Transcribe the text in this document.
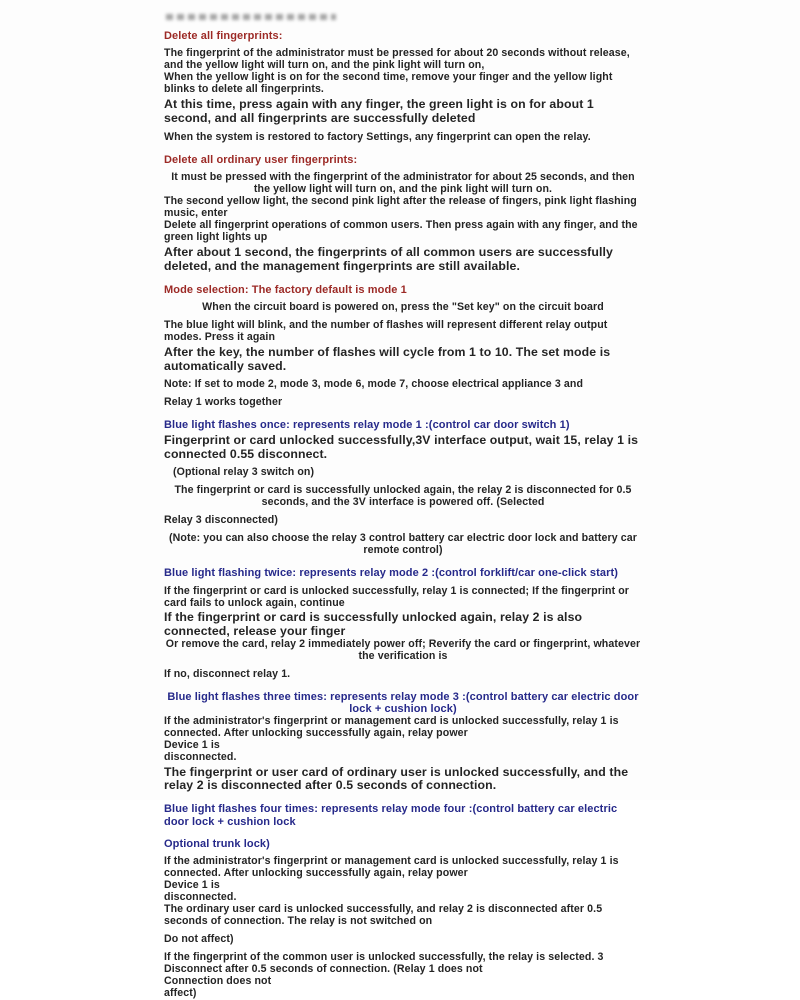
Delete all fingerprints:
The fingerprint of the administrator must be pressed for about 20 seconds without release, and the yellow light will turn on, and the pink light will turn on,
When the yellow light is on for the second time, remove your finger and the yellow light blinks to delete all fingerprints.
At this time, press again with any finger, the green light is on for about 1 second, and all fingerprints are successfully deleted
When the system is restored to factory Settings, any fingerprint can open the relay.
Delete all ordinary user fingerprints:
It must be pressed with the fingerprint of the administrator for about 25 seconds, and then the yellow light will turn on, and the pink light will turn on.
The second yellow light, the second pink light after the release of fingers, pink light flashing music, enter
Delete all fingerprint operations of common users. Then press again with any finger, and the green light lights up
After about 1 second, the fingerprints of all common users are successfully deleted, and the management fingerprints are still available.
Mode selection: The factory default is mode 1
When the circuit board is powered on, press the "Set key" on the circuit board
The blue light will blink, and the number of flashes will represent different relay output modes. Press it again
After the key, the number of flashes will cycle from 1 to 10. The set mode is automatically saved.
Note: If set to mode 2, mode 3, mode 6, mode 7, choose electrical appliance 3 and
Relay 1 works together
Blue light flashes once: represents relay mode 1 :(control car door switch 1)
Fingerprint or card unlocked successfully,3V interface output, wait 15, relay 1 is connected 0.55 disconnect.
(Optional relay 3 switch on)
The fingerprint or card is successfully unlocked again, the relay 2 is disconnected for 0.5 seconds, and the 3V interface is powered off. (Selected
Relay 3 disconnected)
(Note: you can also choose the relay 3 control battery car electric door lock and battery car remote control)
Blue light flashing twice: represents relay mode 2 :(control forklift/car one-click start)
If the fingerprint or card is unlocked successfully, relay 1 is connected; If the fingerprint or card fails to unlock again, continue
If the fingerprint or card is successfully unlocked again, relay 2 is also connected, release your finger
Or remove the card, relay 2 immediately power off; Reverify the card or fingerprint, whatever the verification is
If no, disconnect relay 1.
Blue light flashes three times: represents relay mode 3 :(control battery car electric door lock + cushion lock)
If the administrator's fingerprint or management card is unlocked successfully, relay 1 is connected. After unlocking successfully again, relay power
Device 1 is
disconnected.
The fingerprint or user card of ordinary user is unlocked successfully, and the relay 2 is disconnected after 0.5 seconds of connection.
Blue light flashes four times: represents relay mode four :(control battery car electric door lock + cushion lock
Optional trunk lock)
If the administrator's fingerprint or management card is unlocked successfully, relay 1 is connected. After unlocking successfully again, relay power
Device 1 is
disconnected.
The ordinary user card is unlocked successfully, and relay 2 is disconnected after 0.5 seconds of connection. The relay is not switched on
Do not affect)
If the fingerprint of the common user is unlocked successfully, the relay is selected. 3 Disconnect after 0.5 seconds of connection. (Relay 1 does not
Connection does not
affect)
